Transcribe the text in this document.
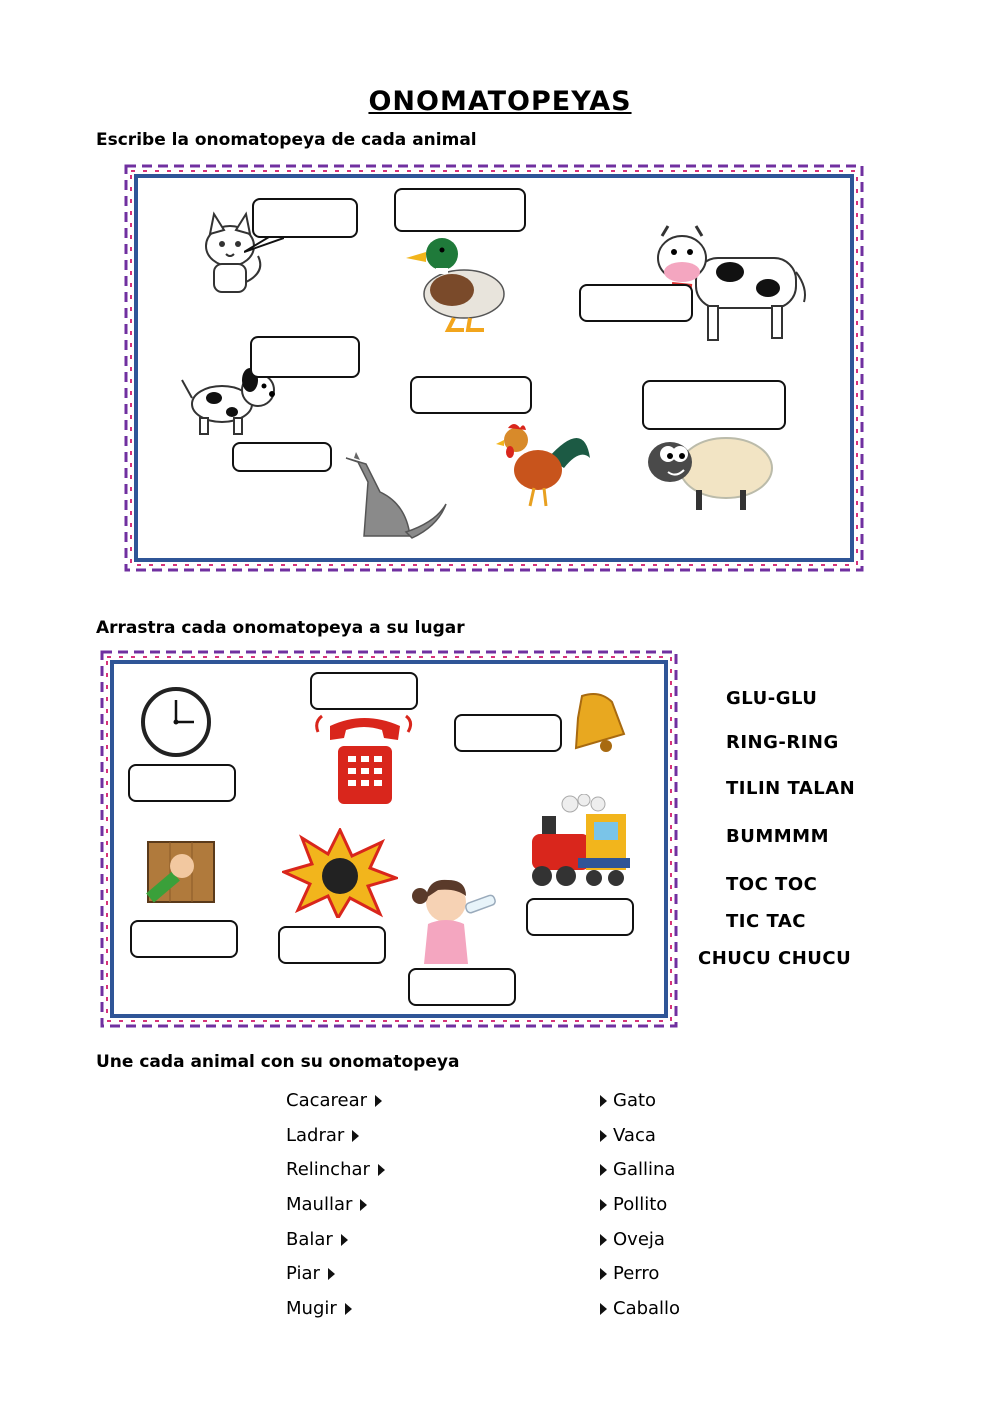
ONOMATOPEYAS
Escribe la onomatopeya de cada animal
Arrastra cada onomatopeya a su lugar
GLU-GLU
RING-RING
TILIN TALAN
BUMMMM
TOC TOC
TIC TAC
CHUCU CHUCU
Une cada animal con su onomatopeya
Cacarear
Ladrar
Relinchar
Maullar
Balar
Piar
Mugir
Gato
Vaca
Gallina
Pollito
Oveja
Perro
Caballo
